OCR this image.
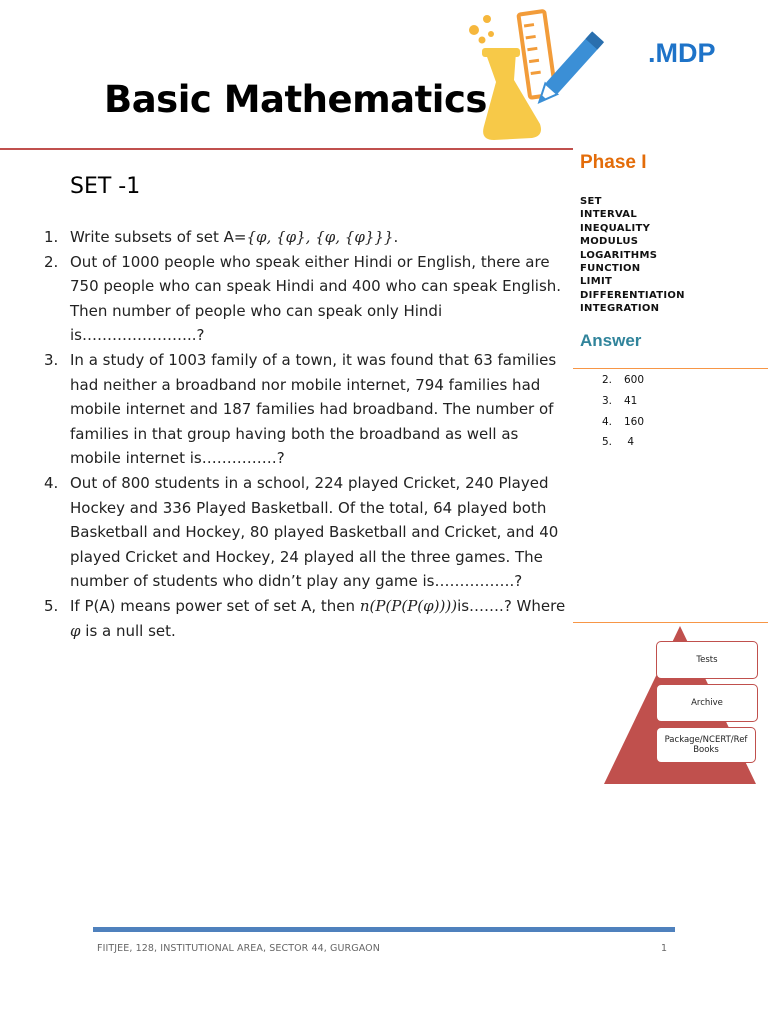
Basic Mathematics
.MDP
SET -1
1. Write subsets of set A={φ, {φ}, {φ, {φ}}}.
2. Out of 1000 people who speak either Hindi or English, there are 750 people who can speak Hindi and 400 who can speak English. Then number of people who can speak only Hindi is…………………..?
3. In a study of 1003 family of a town, it was found that 63 families had neither a broadband nor mobile internet, 794 families had mobile internet and 187 families had broadband. The number of families in that group having both the broadband as well as mobile internet is……………?
4. Out of 800 students in a school, 224 played Cricket, 240 Played Hockey and 336 Played Basketball. Of the total, 64 played both Basketball and Hockey, 80 played Basketball and Cricket, and 40 played Cricket and Hockey, 24 played all the three games. The number of students who didn’t play any game is…………….?
5. If P(A) means power set of set A, then n(P(P(P(φ))))is…….? Where φ is a null set.
Phase I
SET
INTERVAL
INEQUALITY
MODULUS
LOGARITHMS
FUNCTION
LIMIT
DIFFERENTIATION
INTEGRATION
Answer
2. 600
3. 41
4. 160
5. 4
Tests
Archive
Package/NCERT/Ref Books
FIITJEE, 128, INSTITUTIONAL AREA, SECTOR 44, GURGAON	1
